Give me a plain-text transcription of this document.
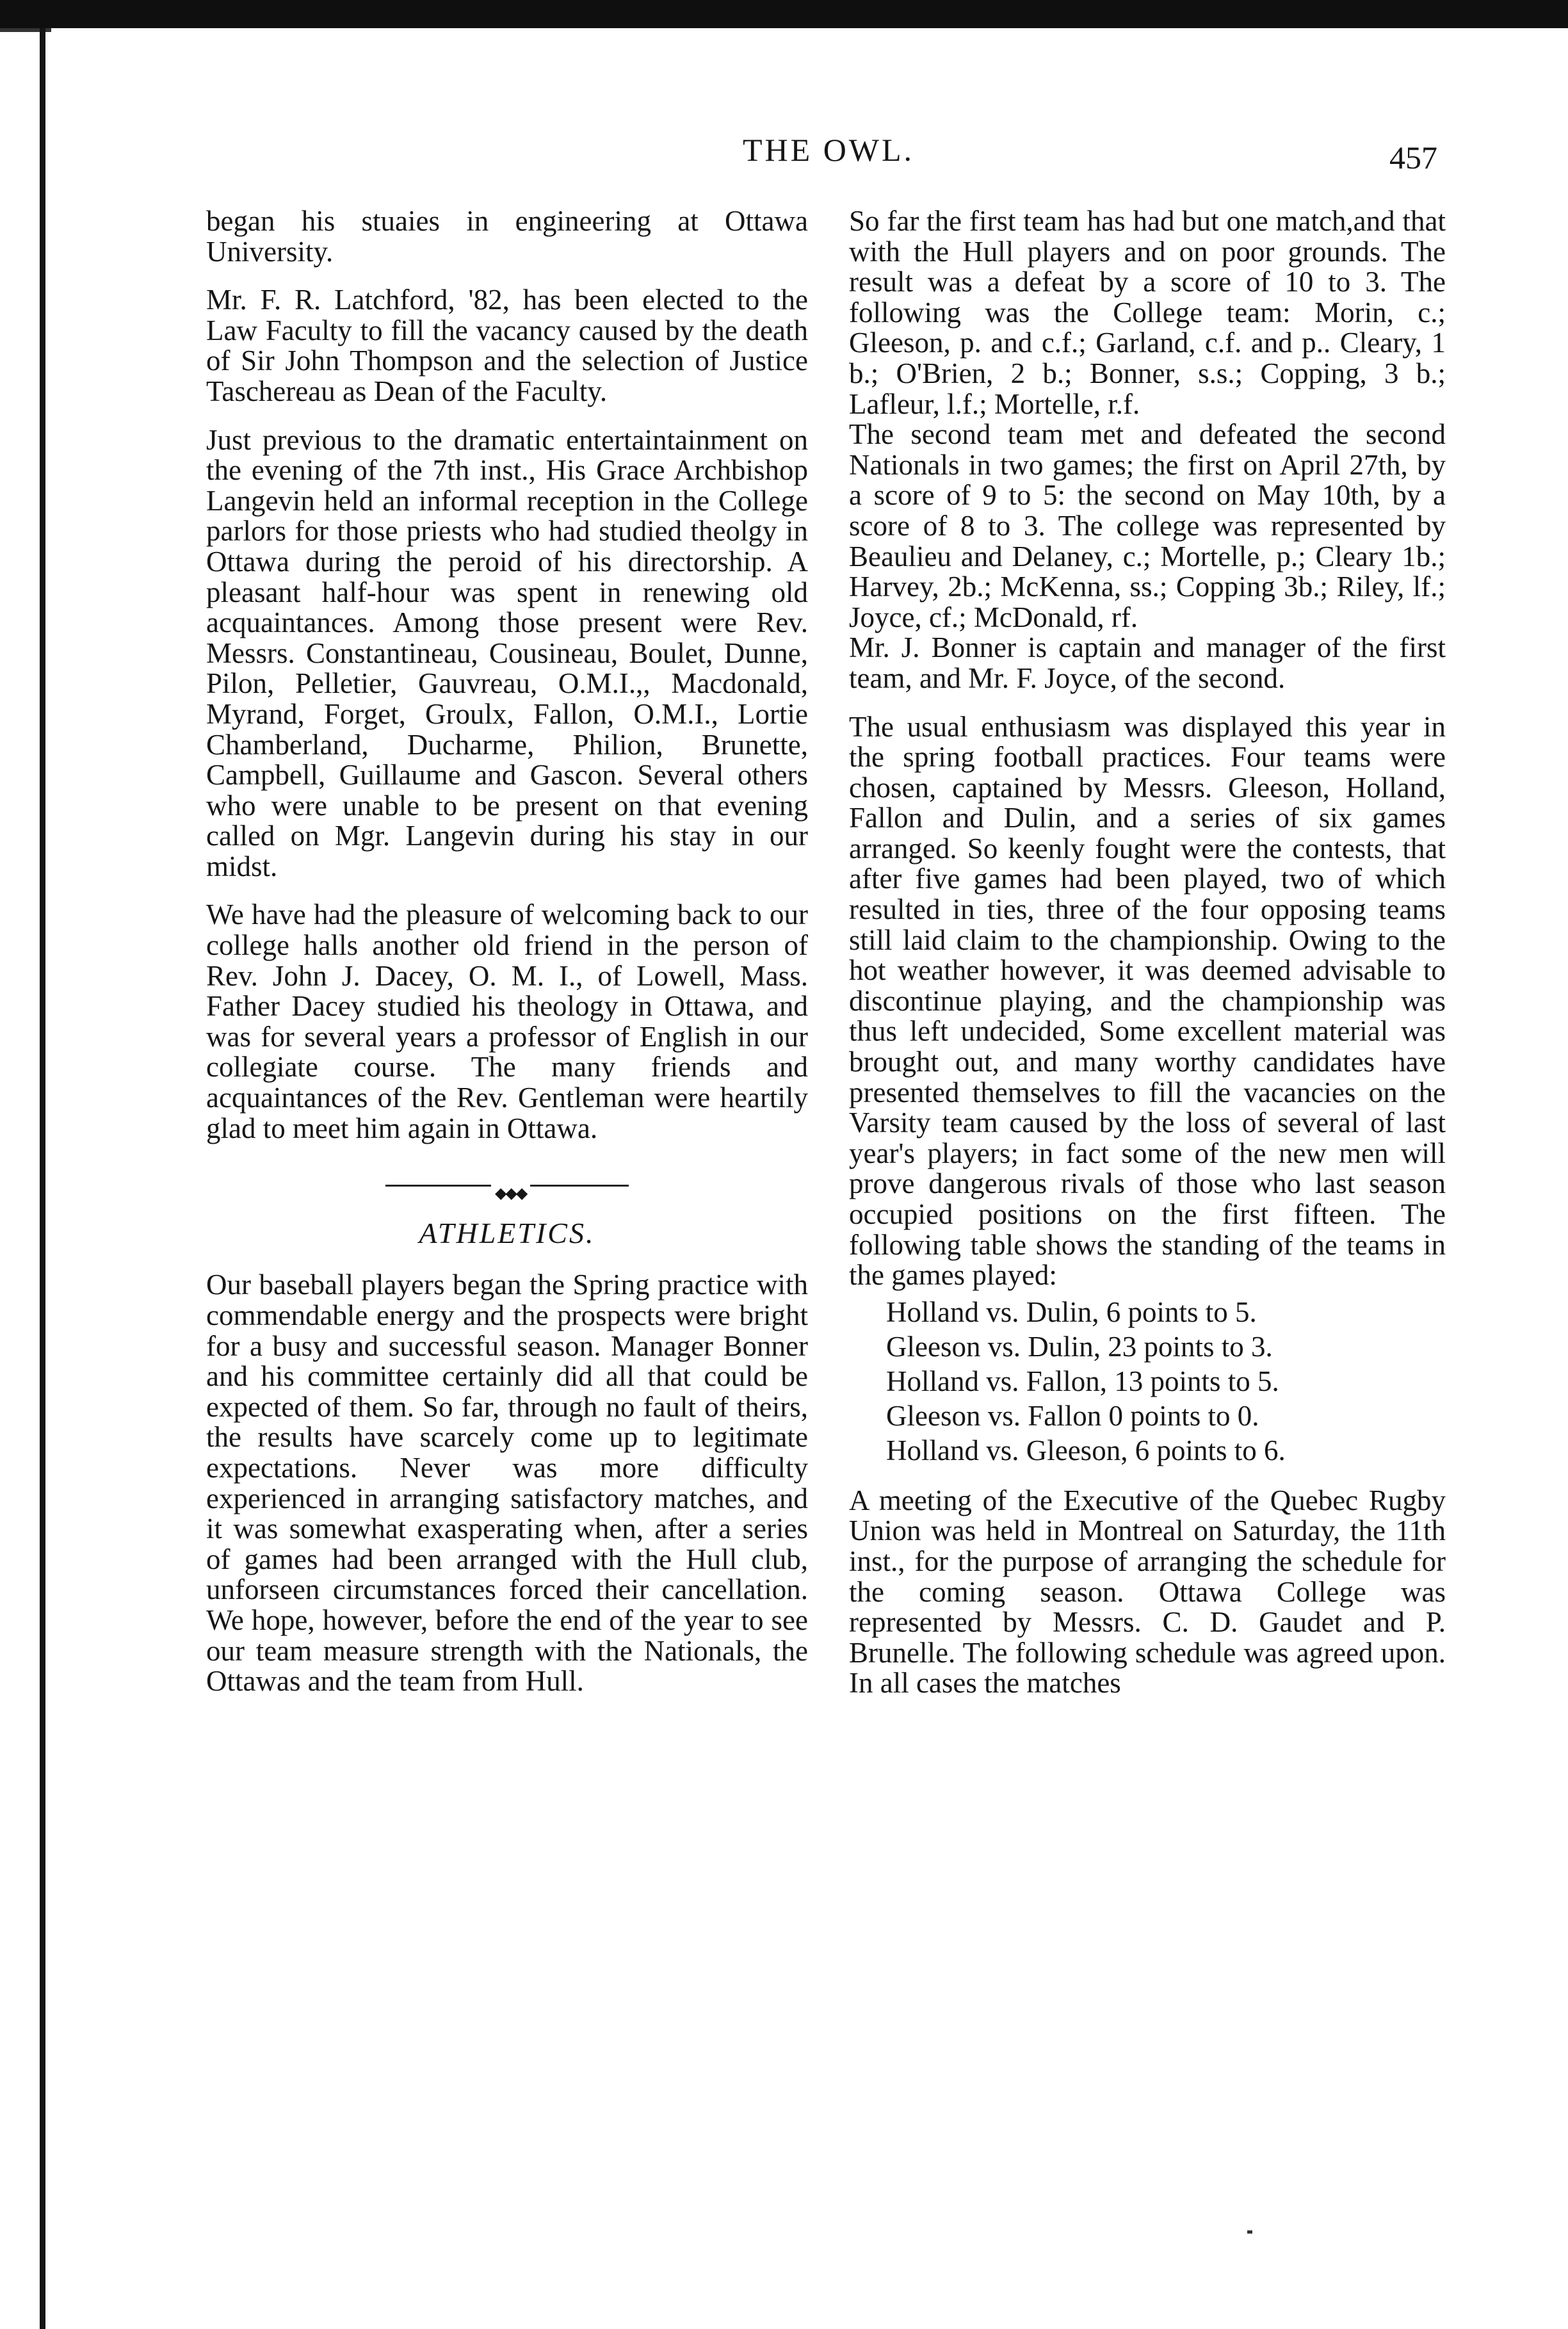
THE OWL.	457

began his stuaies in engineering at Ottawa University.

Mr. F. R. Latchford, '82, has been elected to the Law Faculty to fill the vacancy caused by the death of Sir John Thompson and the selection of Justice Taschereau as Dean of the Faculty.

Just previous to the dramatic entertaintainment on the evening of the 7th inst., His Grace Archbishop Langevin held an informal reception in the College parlors for those priests who had studied theolgy in Ottawa during the peroid of his directorship. A pleasant half-hour was spent in renewing old acquaintances. Among those present were Rev. Messrs. Constantineau, Cousineau, Boulet, Dunne, Pilon, Pelletier, Gauvreau, O.M.I.,, Macdonald, Myrand, Forget, Groulx, Fallon, O.M.I., Lortie Chamberland, Ducharme, Philion, Brunette, Campbell, Guillaume and Gascon. Several others who were unable to be present on that evening called on Mgr. Langevin during his stay in our midst.

We have had the pleasure of welcoming back to our college halls another old friend in the person of Rev. John J. Dacey, O. M. I., of Lowell, Mass. Father Dacey studied his theology in Ottawa, and was for several years a professor of English in our collegiate course. The many friends and acquaintances of the Rev. Gentleman were heartily glad to meet him again in Ottawa.

◆◆◆
ATHLETICS.

Our baseball players began the Spring practice with commendable energy and the prospects were bright for a busy and successful season. Manager Bonner and his committee certainly did all that could be expected of them. So far, through no fault of theirs, the results have scarcely come up to legitimate expectations. Never was more difficulty experienced in arranging satisfactory matches, and it was somewhat exasperating when, after a series of games had been arranged with the Hull club, unforseen circumstances forced their cancellation. We hope, however, before the end of the year to see our team measure strength with the Nationals, the Ottawas and the team from Hull.

So far the first team has had but one match,and that with the Hull players and on poor grounds. The result was a defeat by a score of 10 to 3. The following was the College team: Morin, c.; Gleeson, p. and c.f.; Garland, c.f. and p.. Cleary, 1 b.; O'Brien, 2 b.; Bonner, s.s.; Copping, 3 b.; Lafleur, l.f.; Mortelle, r.f.

The second team met and defeated the second Nationals in two games; the first on April 27th, by a score of 9 to 5: the second on May 10th, by a score of 8 to 3. The college was represented by Beaulieu and Delaney, c.; Mortelle, p.; Cleary 1b.; Harvey, 2b.; McKenna, ss.; Copping 3b.; Riley, lf.; Joyce, cf.; McDonald, rf.

Mr. J. Bonner is captain and manager of the first team, and Mr. F. Joyce, of the second.

The usual enthusiasm was displayed this year in the spring football practices. Four teams were chosen, captained by Messrs. Gleeson, Holland, Fallon and Dulin, and a series of six games arranged. So keenly fought were the contests, that after five games had been played, two of which resulted in ties, three of the four opposing teams still laid claim to the championship. Owing to the hot weather however, it was deemed advisable to discontinue playing, and the championship was thus left undecided, Some excellent material was brought out, and many worthy candidates have presented themselves to fill the vacancies on the Varsity team caused by the loss of several of last year's players; in fact some of the new men will prove dangerous rivals of those who last season occupied positions on the first fifteen. The following table shows the standing of the teams in the games played:

Holland vs. Dulin, 6 points to 5.
Gleeson vs. Dulin, 23 points to 3.
Holland vs. Fallon, 13 points to 5.
Gleeson vs. Fallon 0 points to 0.
Holland vs. Gleeson, 6 points to 6.

A meeting of the Executive of the Quebec Rugby Union was held in Montreal on Saturday, the 11th inst., for the purpose of arranging the schedule for the coming season. Ottawa College was represented by Messrs. C. D. Gaudet and P. Brunelle. The following schedule was agreed upon. In all cases the matches
